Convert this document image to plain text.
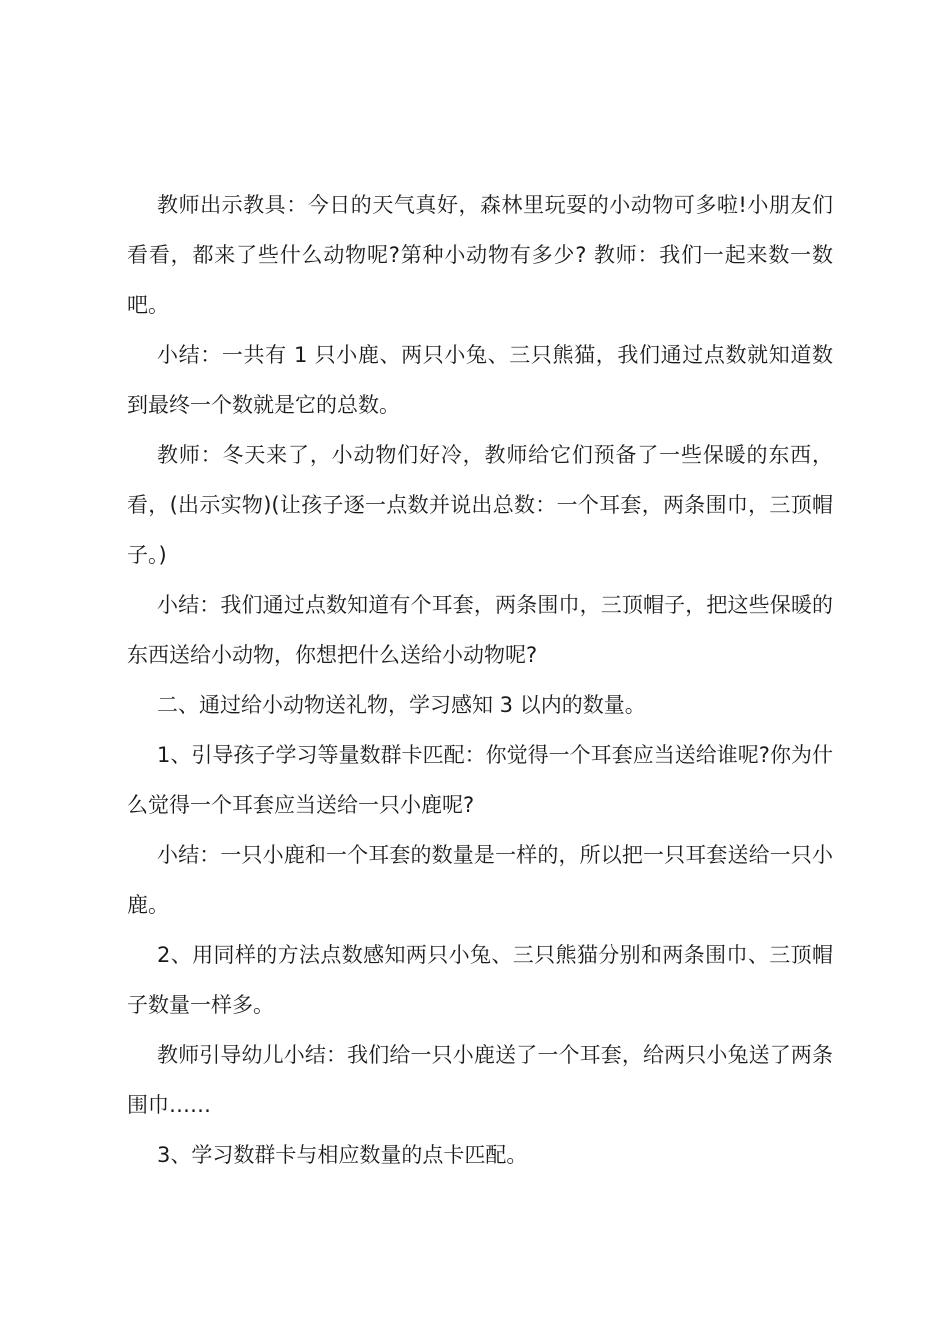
教师出示教具：今日的天气真好，森林里玩耍的小动物可多啦!小朋友们看看，都来了些什么动物呢?第种小动物有多少? 教师：我们一起来数一数吧。

小结：一共有 1 只小鹿、两只小兔、三只熊猫，我们通过点数就知道数到最终一个数就是它的总数。

教师：冬天来了，小动物们好冷，教师给它们预备了一些保暖的东西，看，(出示实物)(让孩子逐一点数并说出总数：一个耳套，两条围巾，三顶帽子。)

小结：我们通过点数知道有个耳套，两条围巾，三顶帽子，把这些保暖的东西送给小动物，你想把什么送给小动物呢?

二、通过给小动物送礼物，学习感知 3 以内的数量。

1、引导孩子学习等量数群卡匹配：你觉得一个耳套应当送给谁呢?你为什么觉得一个耳套应当送给一只小鹿呢?

小结：一只小鹿和一个耳套的数量是一样的，所以把一只耳套送给一只小鹿。

2、用同样的方法点数感知两只小兔、三只熊猫分别和两条围巾、三顶帽子数量一样多。

教师引导幼儿小结：我们给一只小鹿送了一个耳套，给两只小兔送了两条围巾……

3、学习数群卡与相应数量的点卡匹配。
